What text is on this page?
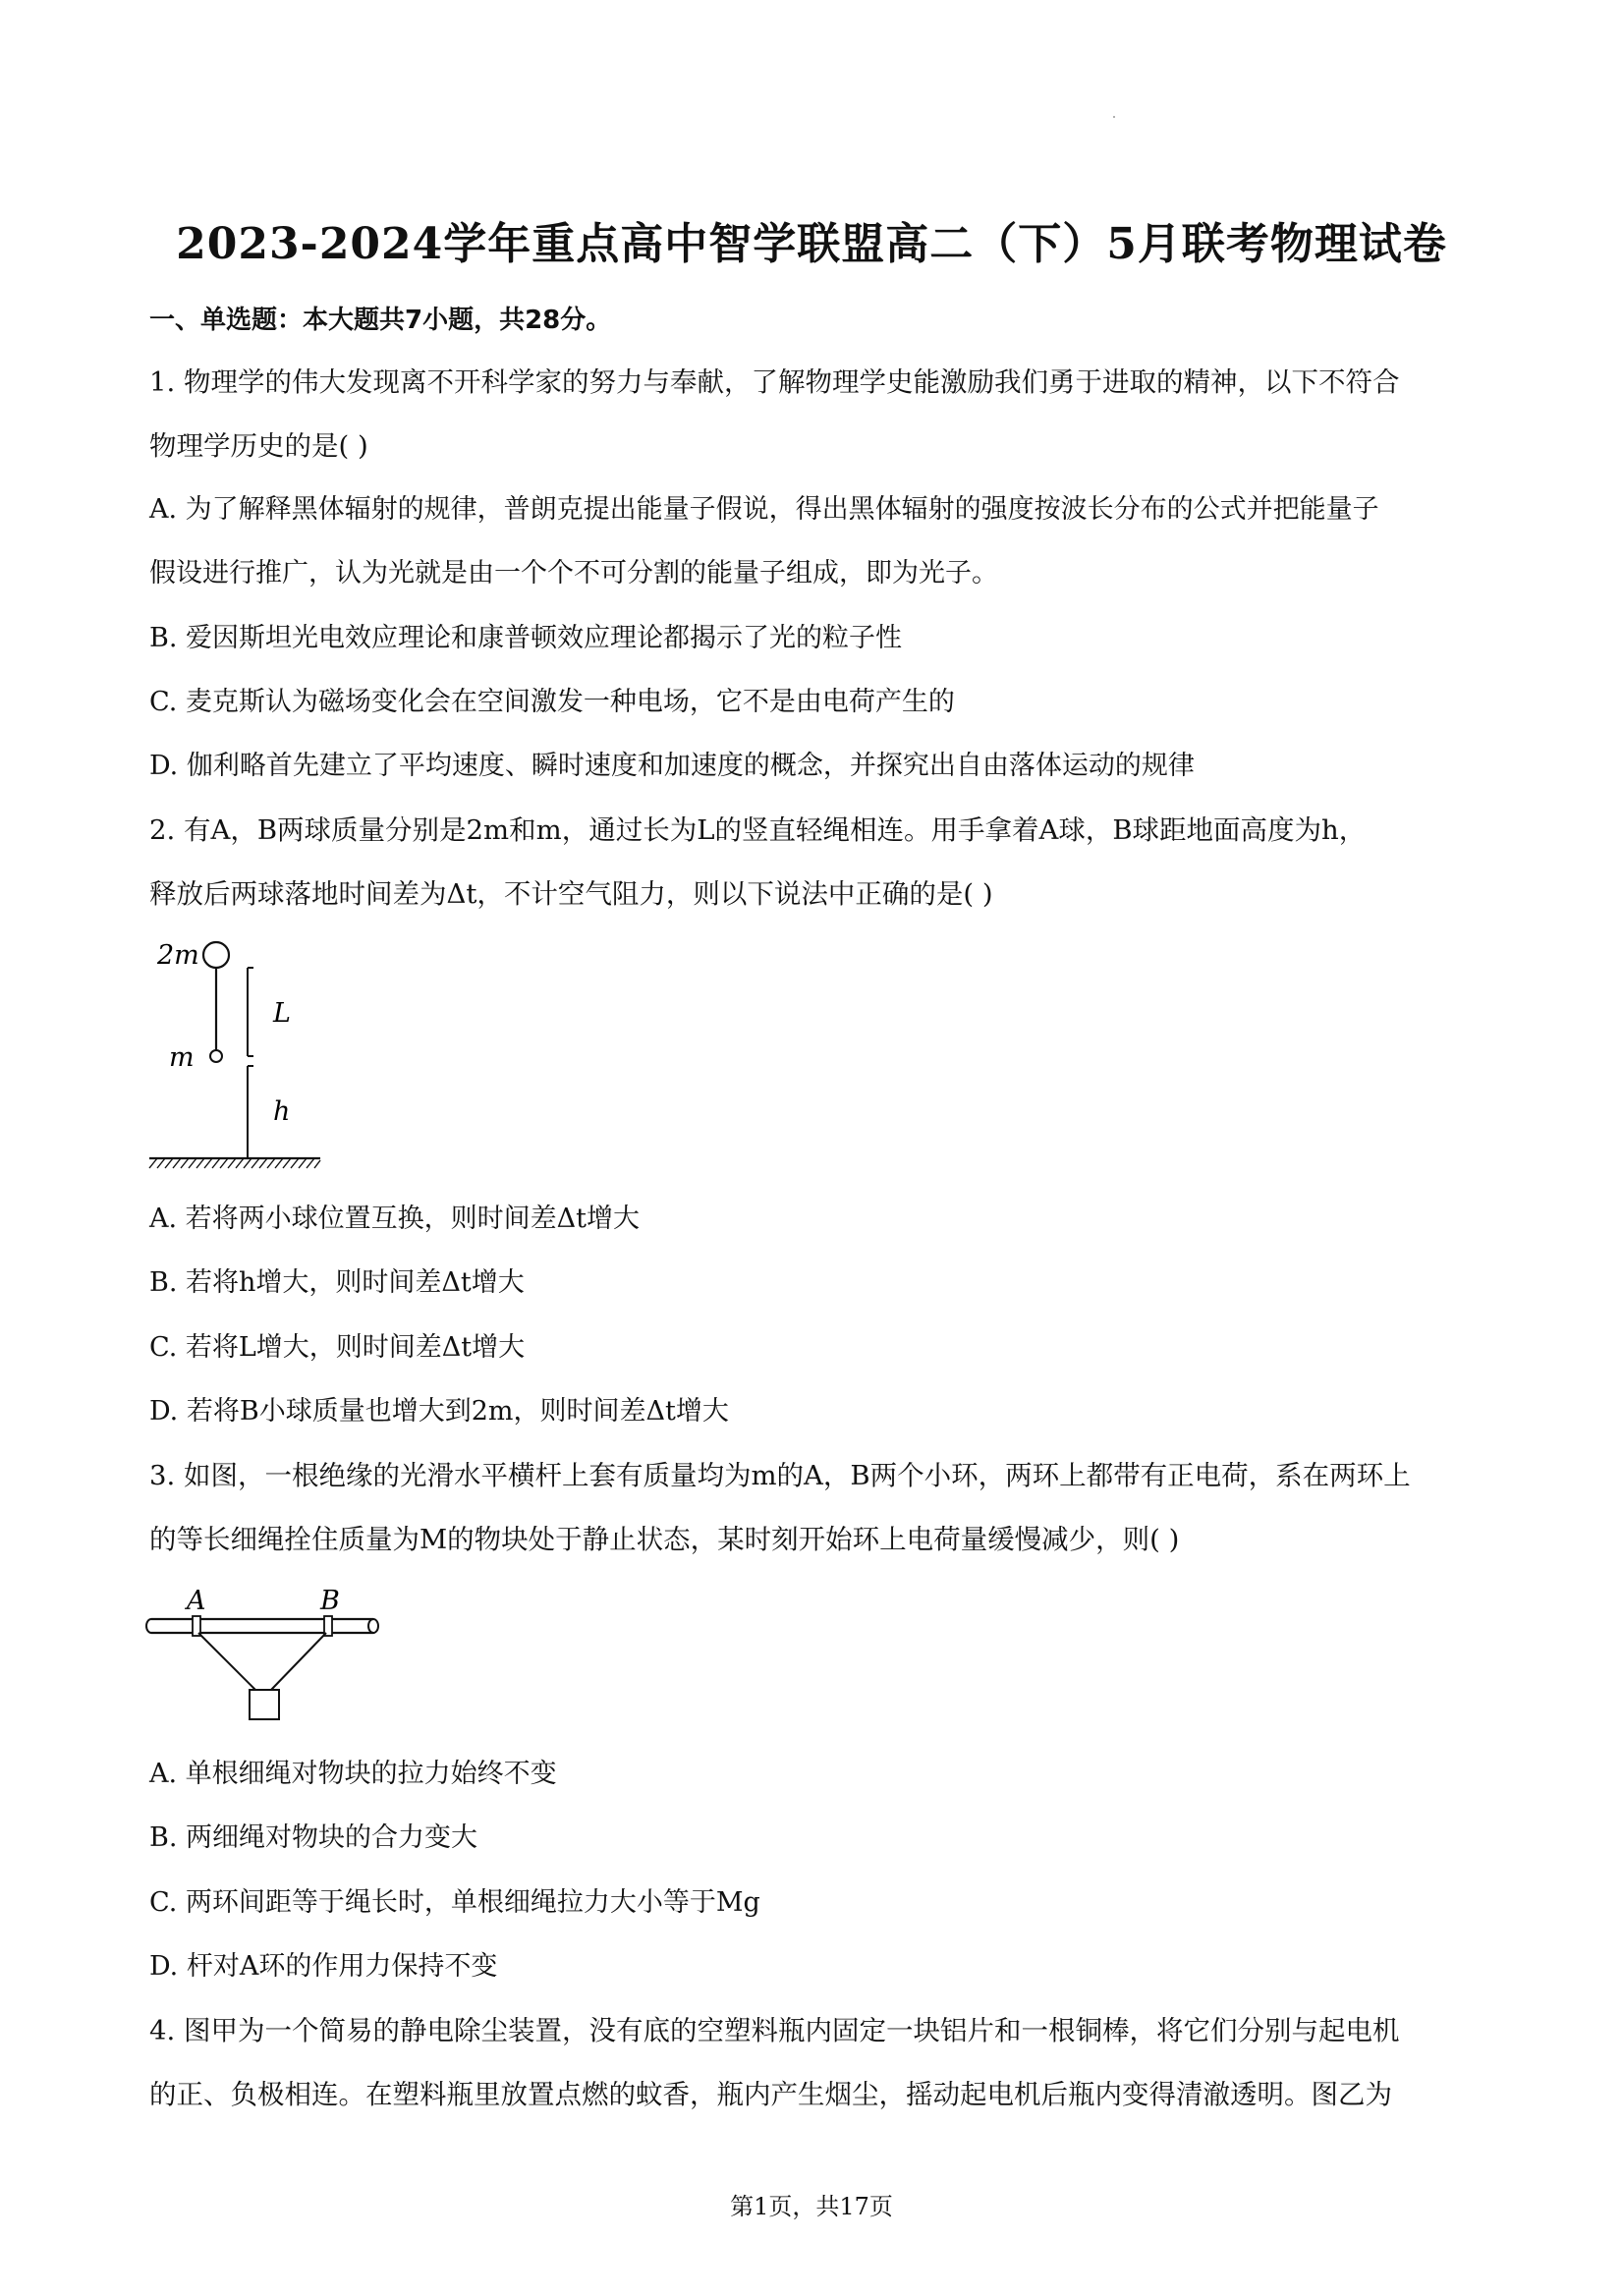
2023-2024学年重点高中智学联盟高二（下）5月联考物理试卷
一、单选题：本大题共7小题，共28分。
1. 物理学的伟大发现离不开科学家的努力与奉献，了解物理学史能激励我们勇于进取的精神，以下不符合
物理学历史的是( )
A. 为了解释黑体辐射的规律，普朗克提出能量子假说，得出黑体辐射的强度按波长分布的公式并把能量子
假设进行推广，认为光就是由一个个不可分割的能量子组成，即为光子。
B. 爱因斯坦光电效应理论和康普顿效应理论都揭示了光的粒子性
C. 麦克斯认为磁场变化会在空间激发一种电场，它不是由电荷产生的
D. 伽利略首先建立了平均速度、瞬时速度和加速度的概念，并探究出自由落体运动的规律
2. 有A，B两球质量分别是2m和m，通过长为L的竖直轻绳相连。用手拿着A球，B球距地面高度为h，
释放后两球落地时间差为Δt，不计空气阻力，则以下说法中正确的是( )
2m
m
L
h
A. 若将两小球位置互换，则时间差Δt增大
B. 若将h增大，则时间差Δt增大
C. 若将L增大，则时间差Δt增大
D. 若将B小球质量也增大到2m，则时间差Δt增大
3. 如图，一根绝缘的光滑水平横杆上套有质量均为m的A，B两个小环，两环上都带有正电荷，系在两环上
的等长细绳拴住质量为M的物块处于静止状态，某时刻开始环上电荷量缓慢减少，则( )
A	B
A. 单根细绳对物块的拉力始终不变
B. 两细绳对物块的合力变大
C. 两环间距等于绳长时，单根细绳拉力大小等于Mg
D. 杆对A环的作用力保持不变
4. 图甲为一个简易的静电除尘装置，没有底的空塑料瓶内固定一块铝片和一根铜棒，将它们分别与起电机
的正、负极相连。在塑料瓶里放置点燃的蚊香，瓶内产生烟尘，摇动起电机后瓶内变得清澈透明。图乙为
第1页，共17页
